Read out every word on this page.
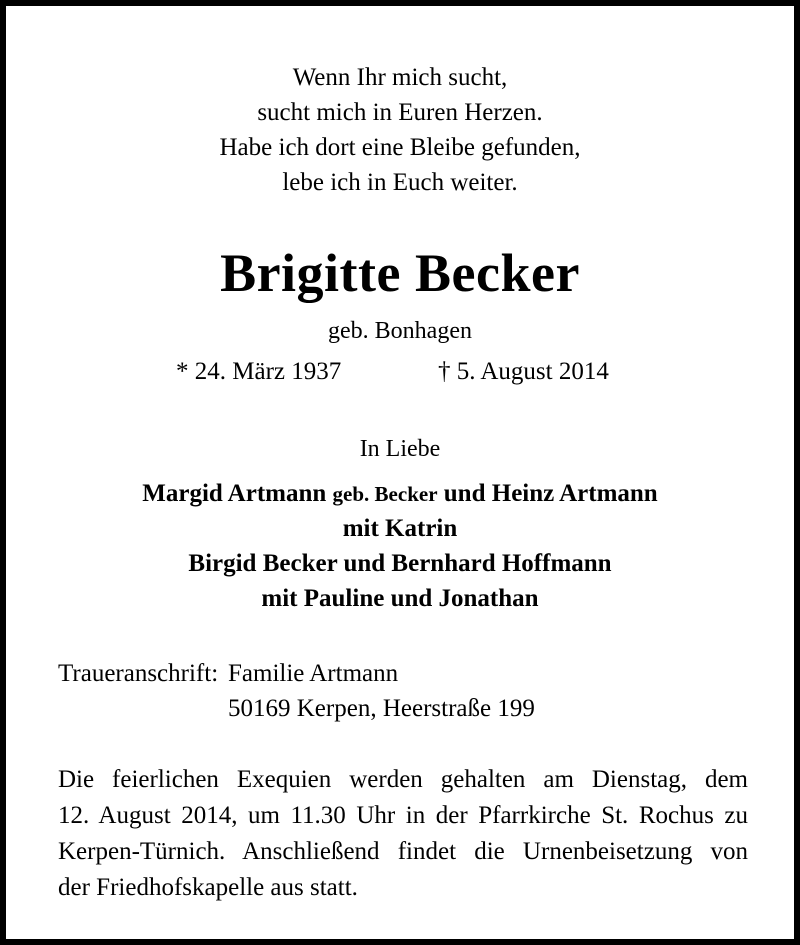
Wenn Ihr mich sucht,
sucht mich in Euren Herzen.
Habe ich dort eine Bleibe gefunden,
lebe ich in Euch weiter.
Brigitte Becker
geb. Bonhagen
* 24. März 1937	† 5. August 2014
In Liebe
Margid Artmann geb. Becker und Heinz Artmann
mit Katrin
Birgid Becker und Bernhard Hoffmann
mit Pauline und Jonathan
Traueranschrift: Familie Artmann
50169 Kerpen, Heerstraße 199
Die feierlichen Exequien werden gehalten am Dienstag, dem
12. August 2014, um 11.30 Uhr in der Pfarrkirche St. Rochus zu
Kerpen-Türnich. Anschließend findet die Urnenbeisetzung von
der Friedhofskapelle aus statt.
